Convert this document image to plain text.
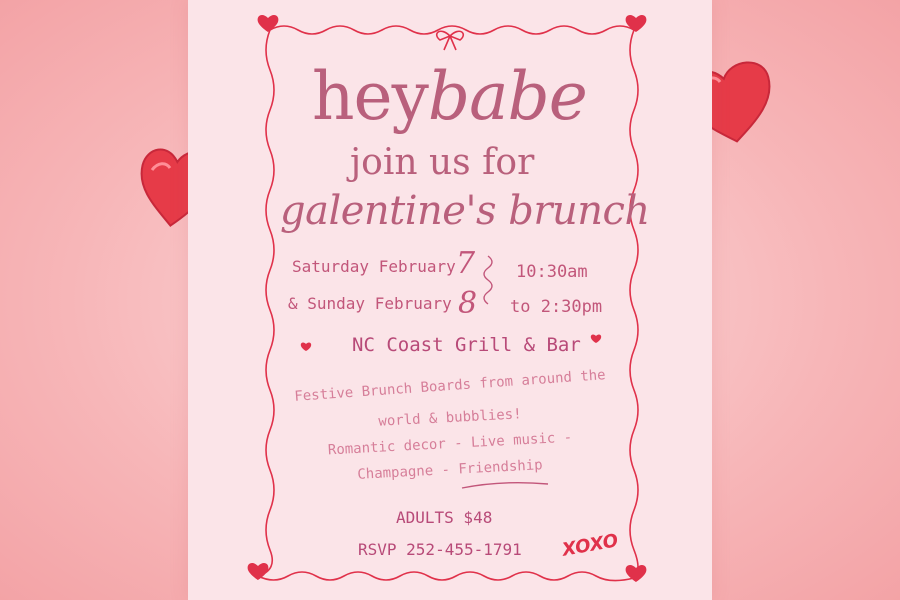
heybabe
join us for
galentine's brunch
Saturday February 7
& Sunday February 8
10:30am
to 2:30pm
NC Coast Grill & Bar
Festive Brunch Boards from around the
world & bubblies!
Romantic decor - Live music -
Champagne - Friendship
ADULTS $48
RSVP 252-455-1791 XOXO
